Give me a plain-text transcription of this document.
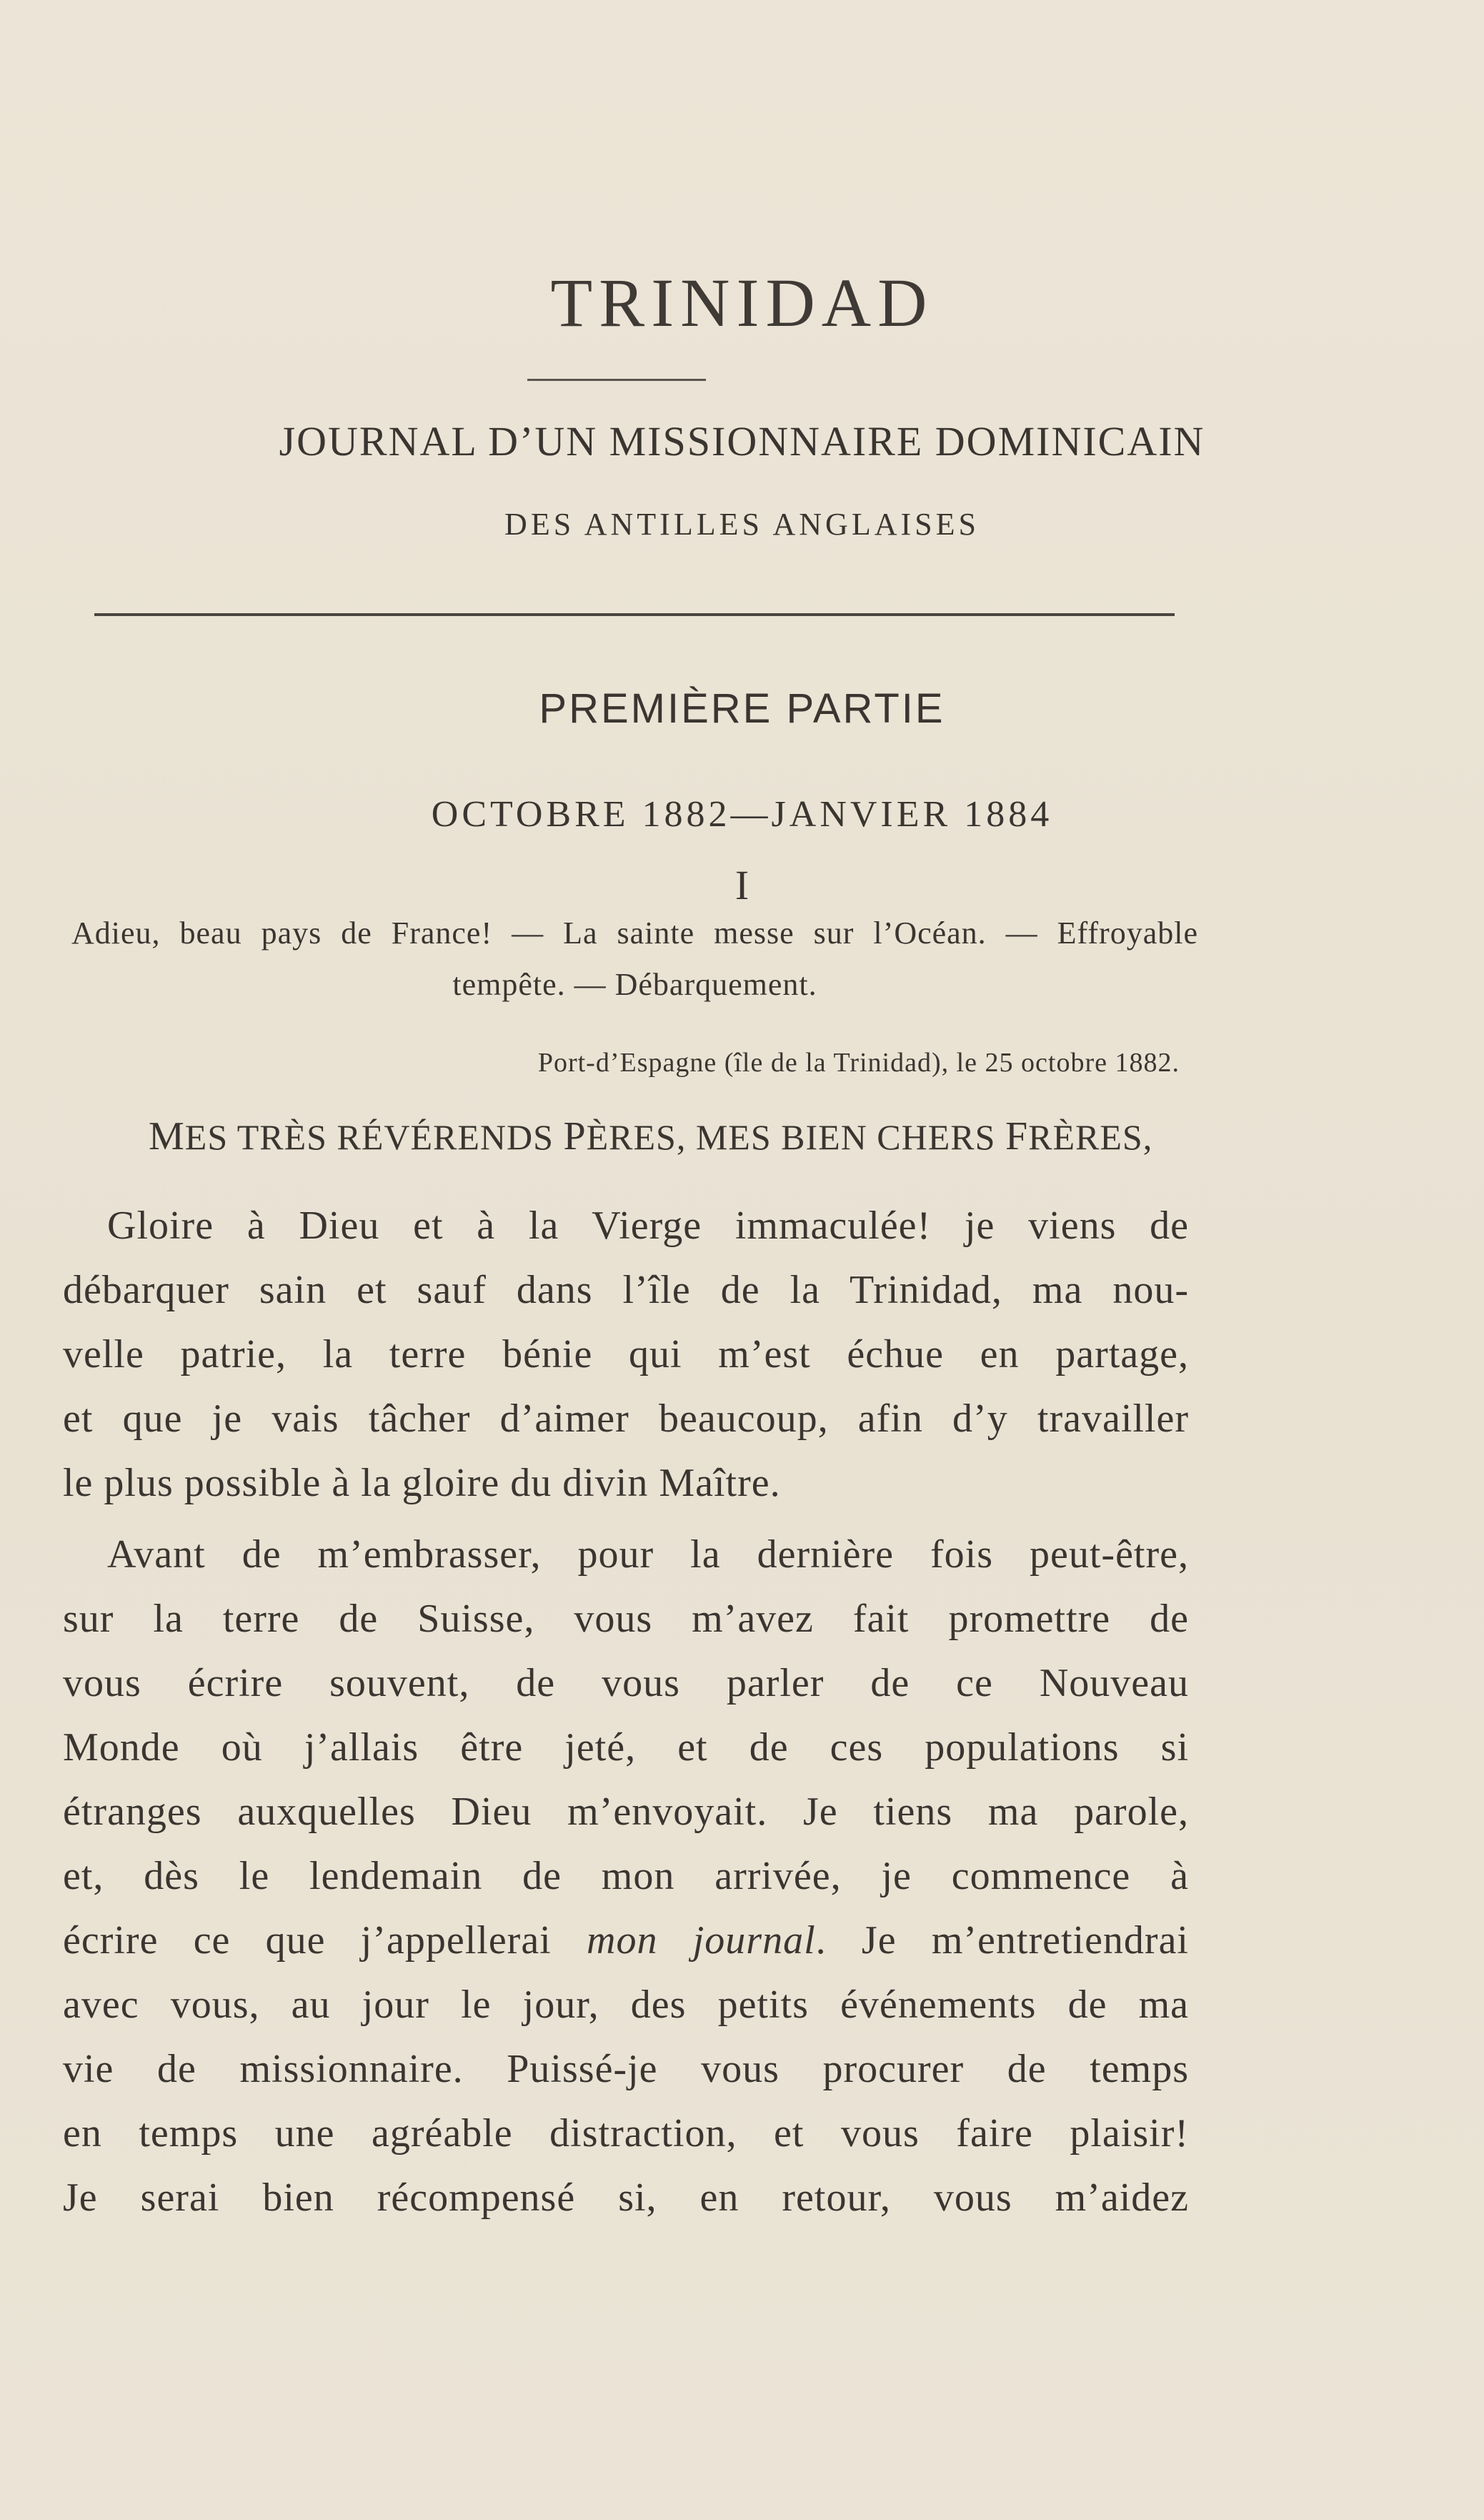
TRINIDAD
JOURNAL D’UN MISSIONNAIRE DOMINICAIN
DES ANTILLES ANGLAISES
PREMIÈRE PARTIE
OCTOBRE 1882—JANVIER 1884
I
Adieu, beau pays de France! — La sainte messe sur l’Océan. — Effroyable
tempête. — Débarquement.
Port-d’Espagne (île de la Trinidad), le 25 octobre 1882.
MES TRÈS RÉVÉRENDS PÈRES, MES BIEN CHERS FRÈRES,
Gloire à Dieu et à la Vierge immaculée! je viens de
débarquer sain et sauf dans l’île de la Trinidad, ma nou-
velle patrie, la terre bénie qui m’est échue en partage,
et que je vais tâcher d’aimer beaucoup, afin d’y travailler
le plus possible à la gloire du divin Maître.
Avant de m’embrasser, pour la dernière fois peut-être,
sur la terre de Suisse, vous m’avez fait promettre de
vous écrire souvent, de vous parler de ce Nouveau
Monde où j’allais être jeté, et de ces populations si
étranges auxquelles Dieu m’envoyait. Je tiens ma parole,
et, dès le lendemain de mon arrivée, je commence à
écrire ce que j’appellerai mon journal. Je m’entretiendrai
avec vous, au jour le jour, des petits événements de ma
vie de missionnaire. Puissé-je vous procurer de temps
en temps une agréable distraction, et vous faire plaisir!
Je serai bien récompensé si, en retour, vous m’aidez
